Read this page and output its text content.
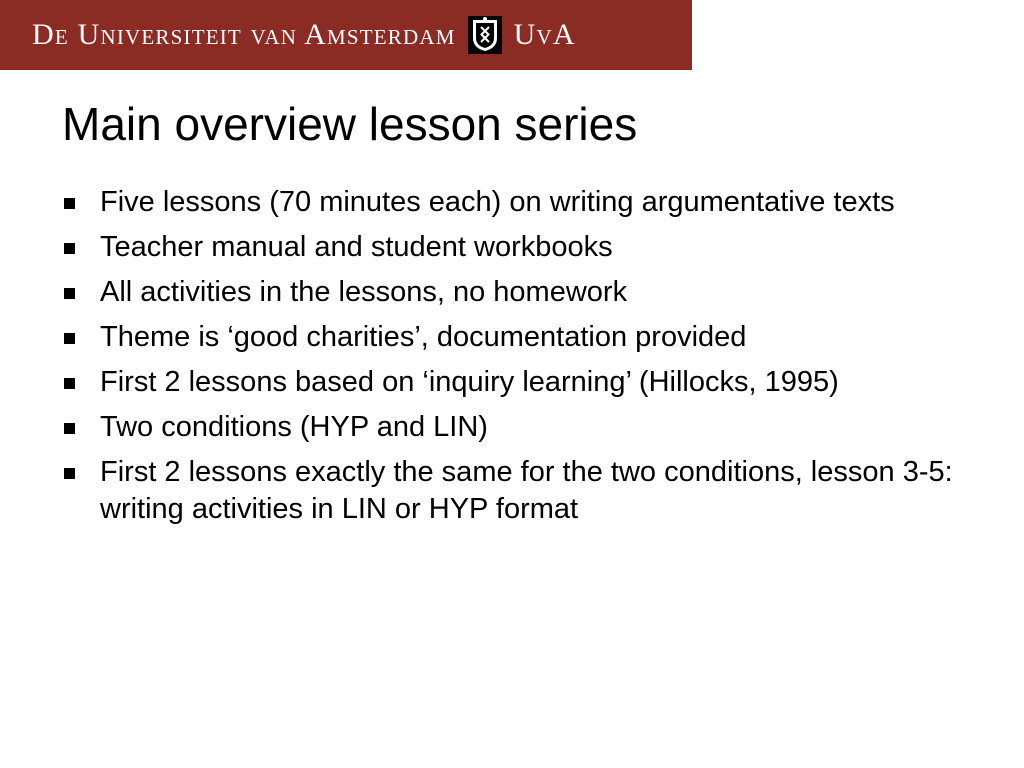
De Universiteit van Amsterdam UvA
Main overview lesson series
Five lessons (70 minutes each) on writing argumentative texts
Teacher manual and student workbooks
All activities in the lessons, no homework
Theme is ‘good charities’, documentation provided
First 2 lessons based on ‘inquiry learning’ (Hillocks, 1995)
Two conditions (HYP and LIN)
First 2 lessons exactly the same for the two conditions, lesson 3-5: writing activities in LIN or HYP format
